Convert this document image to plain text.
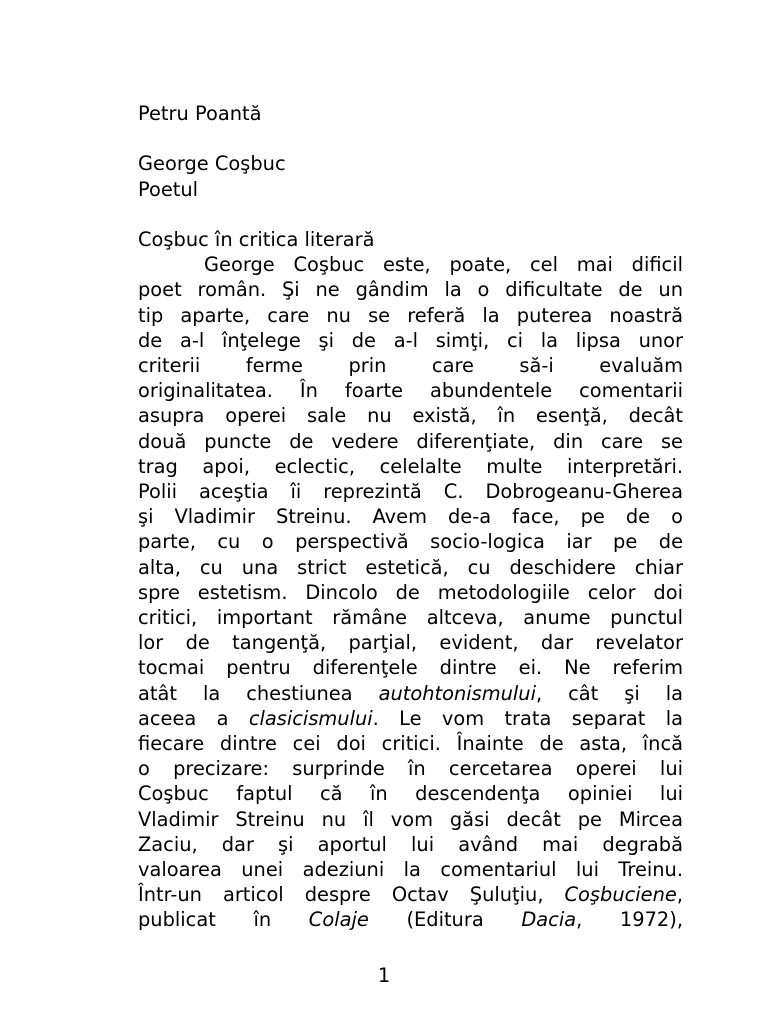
Petru Poantă
George Coşbuc
Poetul
Coşbuc în critica literară
George Coşbuc este, poate, cel mai dificil
poet român. Şi ne gândim la o dificultate de un
tip aparte, care nu se referă la puterea noastră
de a-l înţelege şi de a-l simţi, ci la lipsa unor
criterii ferme prin care să-i evaluăm
originalitatea. În foarte abundentele comentarii
asupra operei sale nu există, în esenţă, decât
două puncte de vedere diferenţiate, din care se
trag apoi, eclectic, celelalte multe interpretări.
Polii aceştia îi reprezintă C. Dobrogeanu-Gherea
şi Vladimir Streinu. Avem de-a face, pe de o
parte, cu o perspectivă socio-logica iar pe de
alta, cu una strict estetică, cu deschidere chiar
spre estetism. Dincolo de metodologiile celor doi
critici, important rămâne altceva, anume punctul
lor de tangenţă, parţial, evident, dar revelator
tocmai pentru diferenţele dintre ei. Ne referim
atât la chestiunea autohtonismului, cât şi la
aceea a clasicismului. Le vom trata separat la
fiecare dintre cei doi critici. Înainte de asta, încă
o precizare: surprinde în cercetarea operei lui
Coşbuc faptul că în descendenţa opiniei lui
Vladimir Streinu nu îl vom găsi decât pe Mircea
Zaciu, dar şi aportul lui având mai degrabă
valoarea unei adeziuni la comentariul lui Treinu.
Într-un articol despre Octav Şuluţiu, Coşbuciene,
publicat în Colaje (Editura Dacia, 1972),
1
